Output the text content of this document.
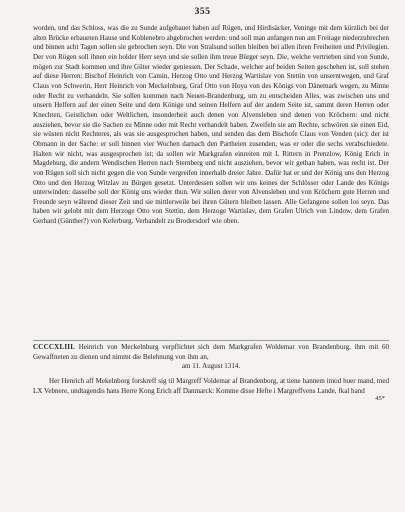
355

worden, und das Schloss, was die zu Sunde aufgebauet haben auf Rügen, und Hirdisäcker, Veninge mit dem kürzlich bei der alten Brücke erbaueten Hause und Koblenebro abgebrochen werden: und soll man anfangen nun am Freitage niederzubrechen und binnen acht Tagen sollen sie gebrochen seyn. Die von Stralsund sollen bleiben bei allen ihren Freiheiten und Privilegien. Der von Rügen soll ihnen ein holder Herr seyn und sie sollen ihm treue Bürger seyn. Die, welche vertrieben sind von Sunde, mögen zur Stadt kommen und ihre Güter wieder geniessen. Der Schade, welcher auf beiden Seiten geschehen ist, soll stehen auf diese Herren: Bischof Heinrich von Camin, Herzog Otto und Herzog Wartislav von Stettin von unserntwegen, und Graf Claus von Schwerin, Herr Heinrich von Meckelnburg, Graf Otto von Hoya von des Königs von Dänemark wegen, zu Minne oder Recht zu verhandeln. Sie sollen kommen nach Neuen-Brandenburg, um zu entscheiden Alles, was zwischen uns und unsern Helfern auf der einen Seite und dem Könige und seinen Helfern auf der andern Seite ist, sammt deren Herren oder Knechten, Geistlichen oder Weltlichen, insonderheit auch denen von Alvensleben und denen von Kröchern: und nicht ausziehen, bevor sie die Sachen zu Minne oder mit Recht verhandelt haben. Zweifeln sie am Rechte, schwören sie einen Eid, sie wüsten nicht Rechteres, als was sie ausgesprochen haben, und senden das dem Bischofe Claus von Venden (sic): der ist Obmann in der Sache: er soll binnen vier Wochen darnach den Partheien zusenden, was er oder die sechs verabschiedete. Halten wir nicht, was ausgesprochen ist; da sollen wir Markgrafen einreiten mit L Rittern in Prenzlow, König Erich in Magdeburg, die andern Wendischen Herren nach Sternberg und nicht ausziehen, bevor wir gethan haben, was recht ist. Der von Rügen soll sich nicht gegen die von Sunde vergreifen innerhalb dreier Jahre. Dafür hat er und der König uns den Herzog Otto und den Herzog Witzlav zu Bürgen gesetzt. Unterdessen sollen wir uns keines der Schlösser oder Lande des Königs unterwinden: dasselbe soll der König uns wieder thun. Wir sollen derer von Alvensleben und von Kröchern gute Herren und Freunde seyn während dieser Zeit und sie mittlerweile bei ihren Gütern bleiben lassen. Alle Gefangene sollen los seyn. Das haben wir gelobt mit dem Herzoge Otto von Stettin, dem Herzoge Wartislav, dem Grafen Ulrich von Lindow, dem Grafen Gerhard (Günther?) von Keferburg. Verhandelt zu Brodersdorf wie oben.

CCCCXLIII. Heinrich von Meckelnburg verpflichtet sich dem Markgrafen Woldemar von Brandenburg, ihm mit 60 Gewaffneten zu dienen und nimmt die Belehnung von ihm an,
am 11. August 1314.
Her Henrich aff Mekelnborg forskreff sig til Margreff Voldemar af Brandenborg, at tiene hannem imod huer mand, med LX Vebnere, undtagendis hans Herre Kong Erich aff Danmarck: Komme disse Hefte i Margreffvens Lande, fkal hand
45*
